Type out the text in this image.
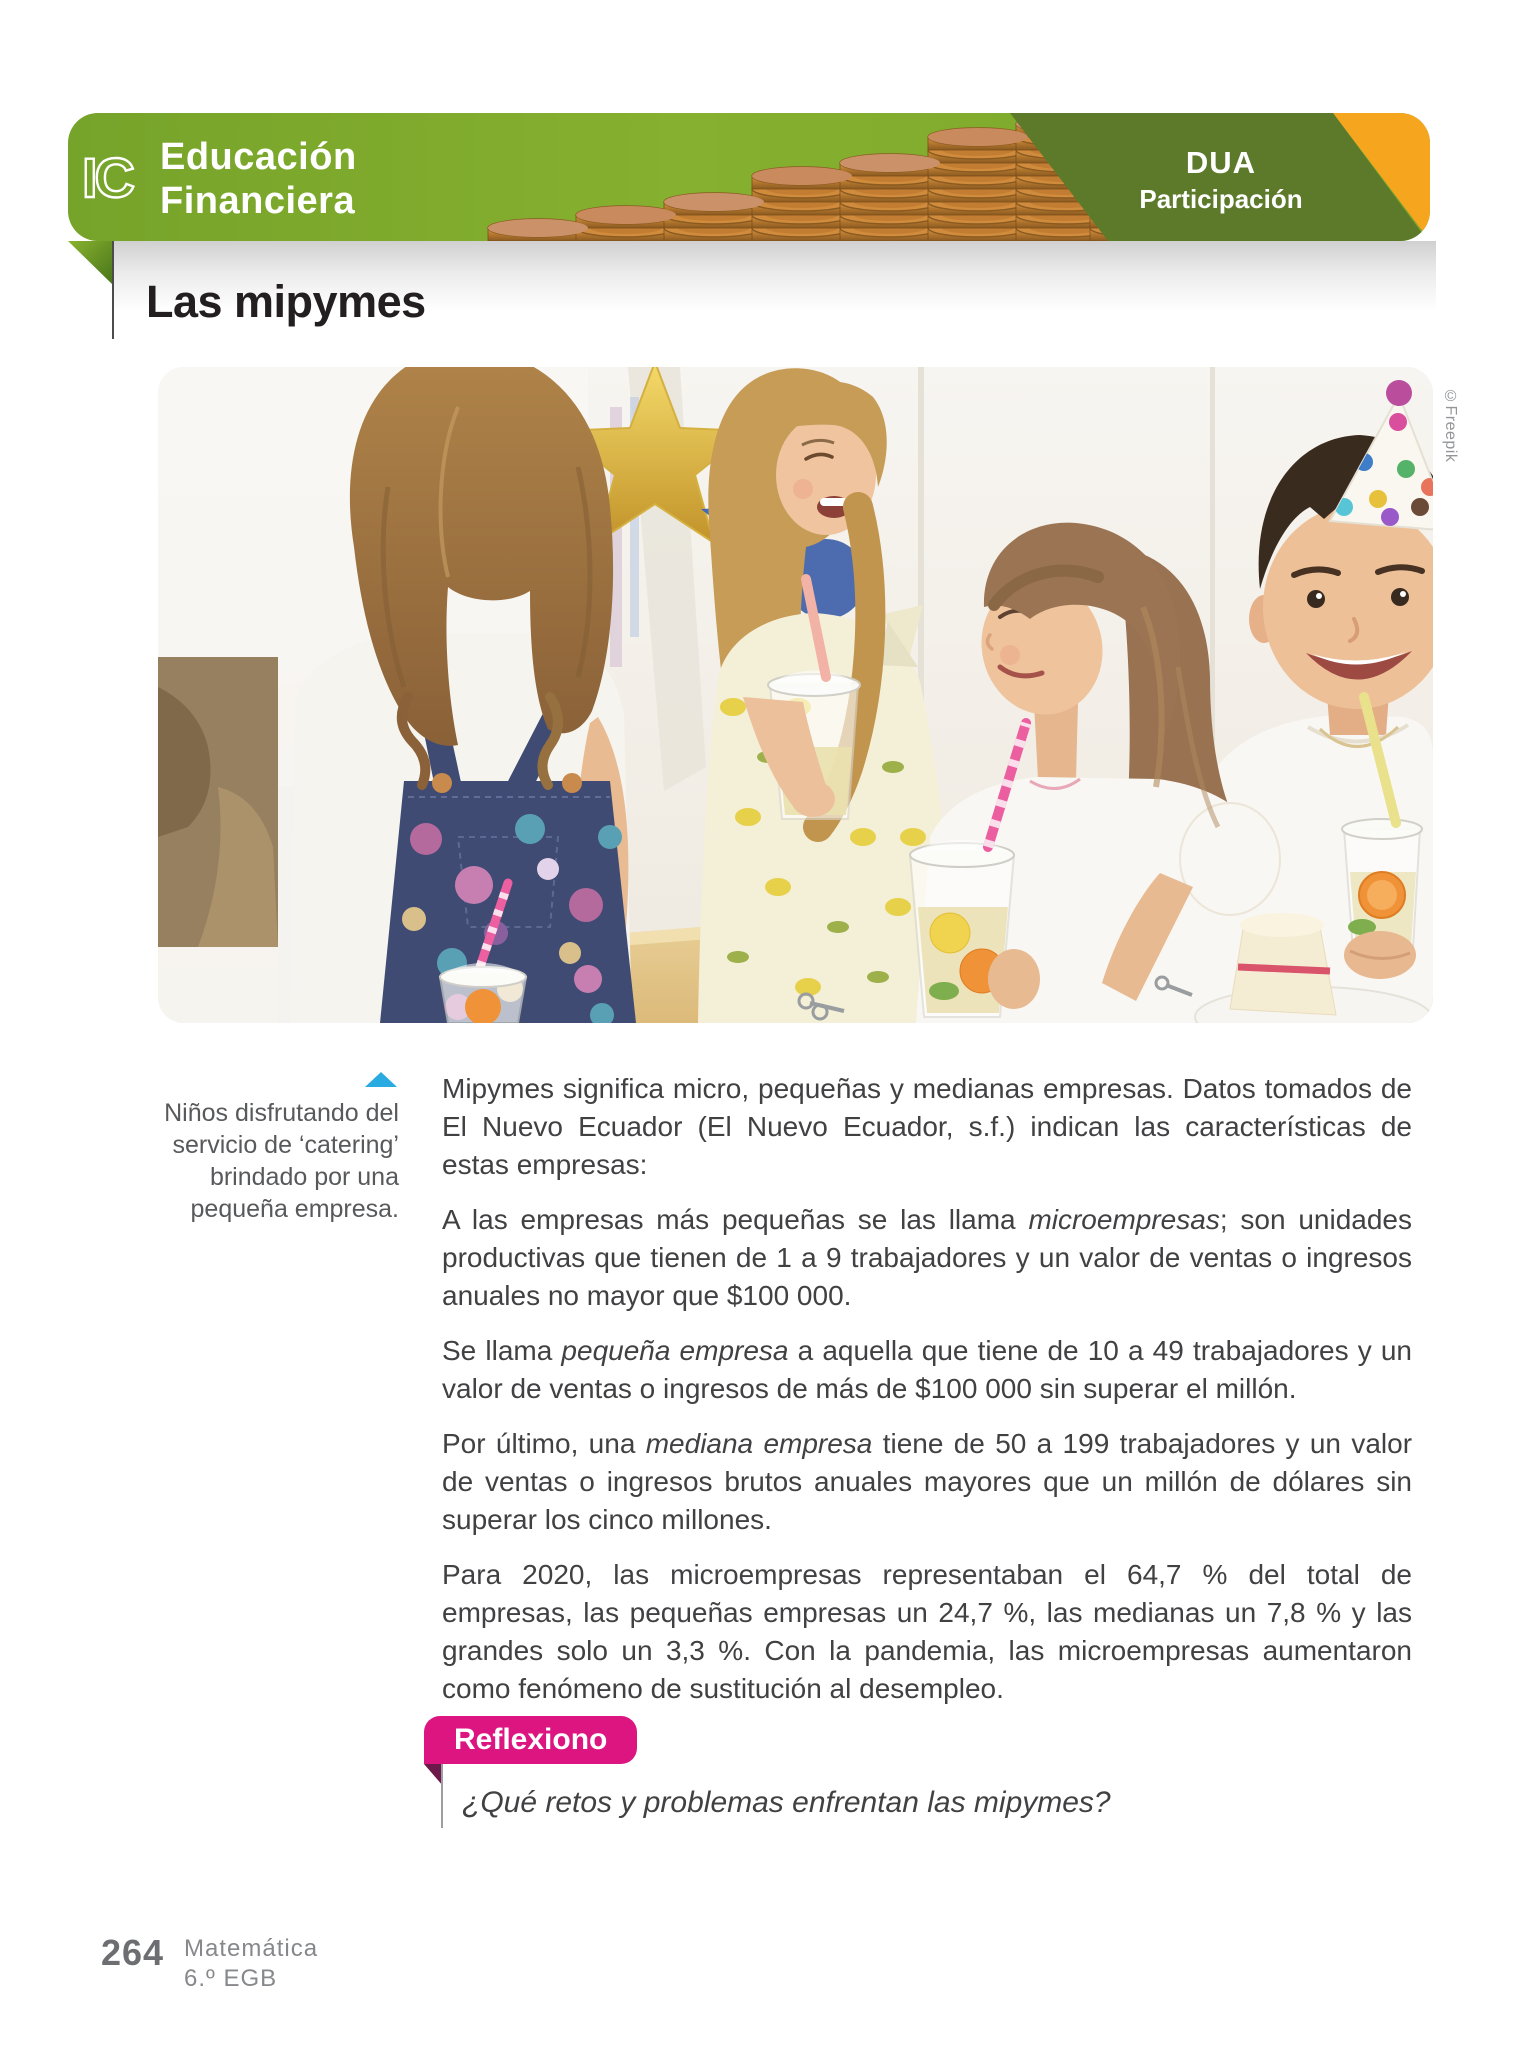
IC Educación
Financiera
DUA
Participación
Las mipymes
©Freepik
Niños disfrutando del servicio de ‘catering’ brindado por una pequeña empresa.

Mipymes significa micro, pequeñas y medianas empresas. Datos tomados de El Nuevo Ecuador (El Nuevo Ecuador, s.f.) indican las características de estas empresas:

A las empresas más pequeñas se las llama microempresas; son unidades productivas que tienen de 1 a 9 trabajadores y un valor de ventas o ingresos anuales no mayor que $100 000.

Se llama pequeña empresa a aquella que tiene de 10 a 49 trabajadores y un valor de ventas o ingresos de más de $100 000 sin superar el millón.

Por último, una mediana empresa tiene de 50 a 199 trabajadores y un valor de ventas o ingresos brutos anuales mayores que un millón de dólares sin superar los cinco millones.

Para 2020, las microempresas representaban el 64,7 % del total de empresas, las pequeñas empresas un 24,7 %, las medianas un 7,8 % y las grandes solo un 3,3 %. Con la pandemia, las microempresas aumentaron como fenómeno de sustitución al desempleo.

Reflexiono
¿Qué retos y problemas enfrentan las mipymes?
264 Matemática
6.º EGB
